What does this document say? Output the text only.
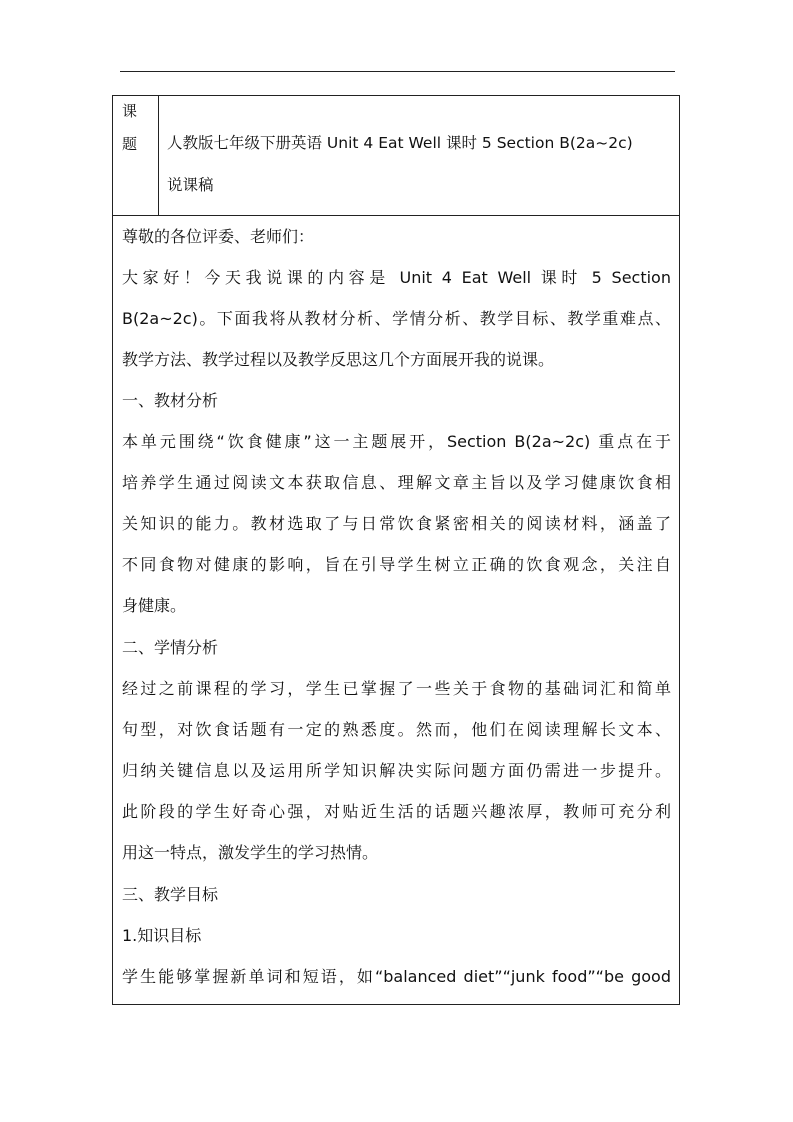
课
题 人教版七年级下册英语 Unit 4 Eat Well 课时 5 Section B(2a~2c)
说课稿
尊敬的各位评委、老师们：
大家好！今天我说课的内容是 Unit 4 Eat Well 课时 5 Section
B(2a~2c)。下面我将从教材分析、学情分析、教学目标、教学重难点、
教学方法、教学过程以及教学反思这几个方面展开我的说课。
一、教材分析
本单元围绕“饮食健康”这一主题展开，Section B(2a~2c) 重点在于
培养学生通过阅读文本获取信息、理解文章主旨以及学习健康饮食相
关知识的能力。教材选取了与日常饮食紧密相关的阅读材料，涵盖了
不同食物对健康的影响，旨在引导学生树立正确的饮食观念，关注自
身健康。
二、学情分析
经过之前课程的学习，学生已掌握了一些关于食物的基础词汇和简单
句型，对饮食话题有一定的熟悉度。然而，他们在阅读理解长文本、
归纳关键信息以及运用所学知识解决实际问题方面仍需进一步提升。
此阶段的学生好奇心强，对贴近生活的话题兴趣浓厚，教师可充分利
用这一特点，激发学生的学习热情。
三、教学目标
1.知识目标
学生能够掌握新单词和短语，如“balanced diet”“junk food”“be good
